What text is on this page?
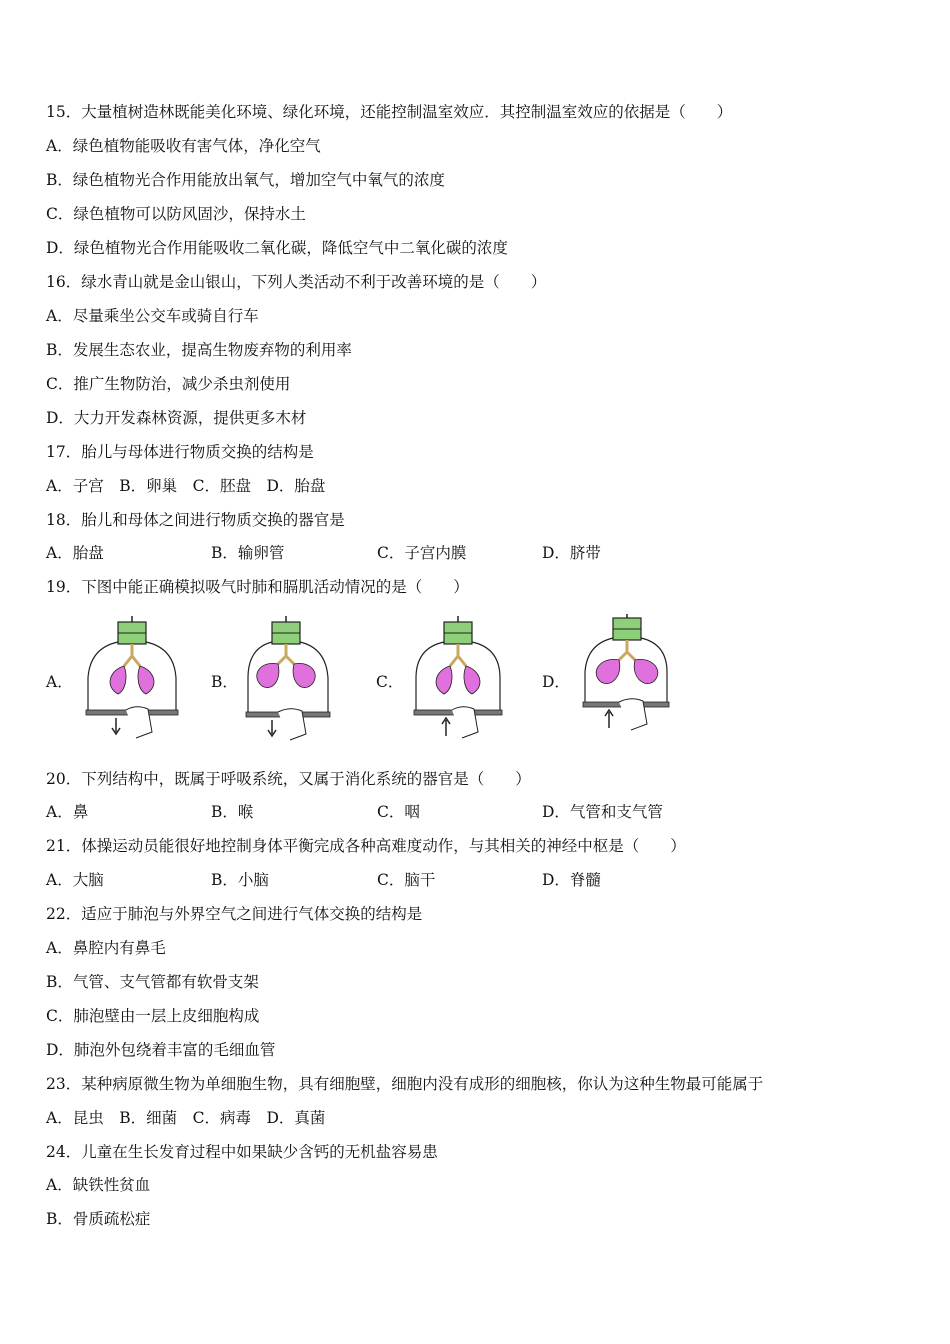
15．大量植树造林既能美化环境、绿化环境，还能控制温室效应．其控制温室效应的依据是（　　）
A．绿色植物能吸收有害气体，净化空气
B．绿色植物光合作用能放出氧气，增加空气中氧气的浓度
C．绿色植物可以防风固沙，保持水土
D．绿色植物光合作用能吸收二氧化碳，降低空气中二氧化碳的浓度
16．绿水青山就是金山银山，下列人类活动不利于改善环境的是（　　）
A．尽量乘坐公交车或骑自行车
B．发展生态农业，提高生物废弃物的利用率
C．推广生物防治，减少杀虫剂使用
D．大力开发森林资源，提供更多木材
17．胎儿与母体进行物质交换的结构是
A．子宫　B．卵巢　C．胚盘　D．胎盘
18．胎儿和母体之间进行物质交换的器官是
A．胎盘	B．输卵管	C．子宫内膜	D．脐带
19．下图中能正确模拟吸气时肺和膈肌活动情况的是（　　）
A．	B．	C．	D．
20．下列结构中，既属于呼吸系统，又属于消化系统的器官是（　　）
A．鼻	B．喉	C．咽	D．气管和支气管
21．体操运动员能很好地控制身体平衡完成各种高难度动作，与其相关的神经中枢是（　　）
A．大脑	B．小脑	C．脑干	D．脊髓
22．适应于肺泡与外界空气之间进行气体交换的结构是
A．鼻腔内有鼻毛
B．气管、支气管都有软骨支架
C．肺泡壁由一层上皮细胞构成
D．肺泡外包绕着丰富的毛细血管
23．某种病原微生物为单细胞生物，具有细胞壁，细胞内没有成形的细胞核，你认为这种生物最可能属于
A．昆虫　B．细菌　C．病毒　D．真菌
24．儿童在生长发育过程中如果缺少含钙的无机盐容易患
A．缺铁性贫血
B．骨质疏松症
